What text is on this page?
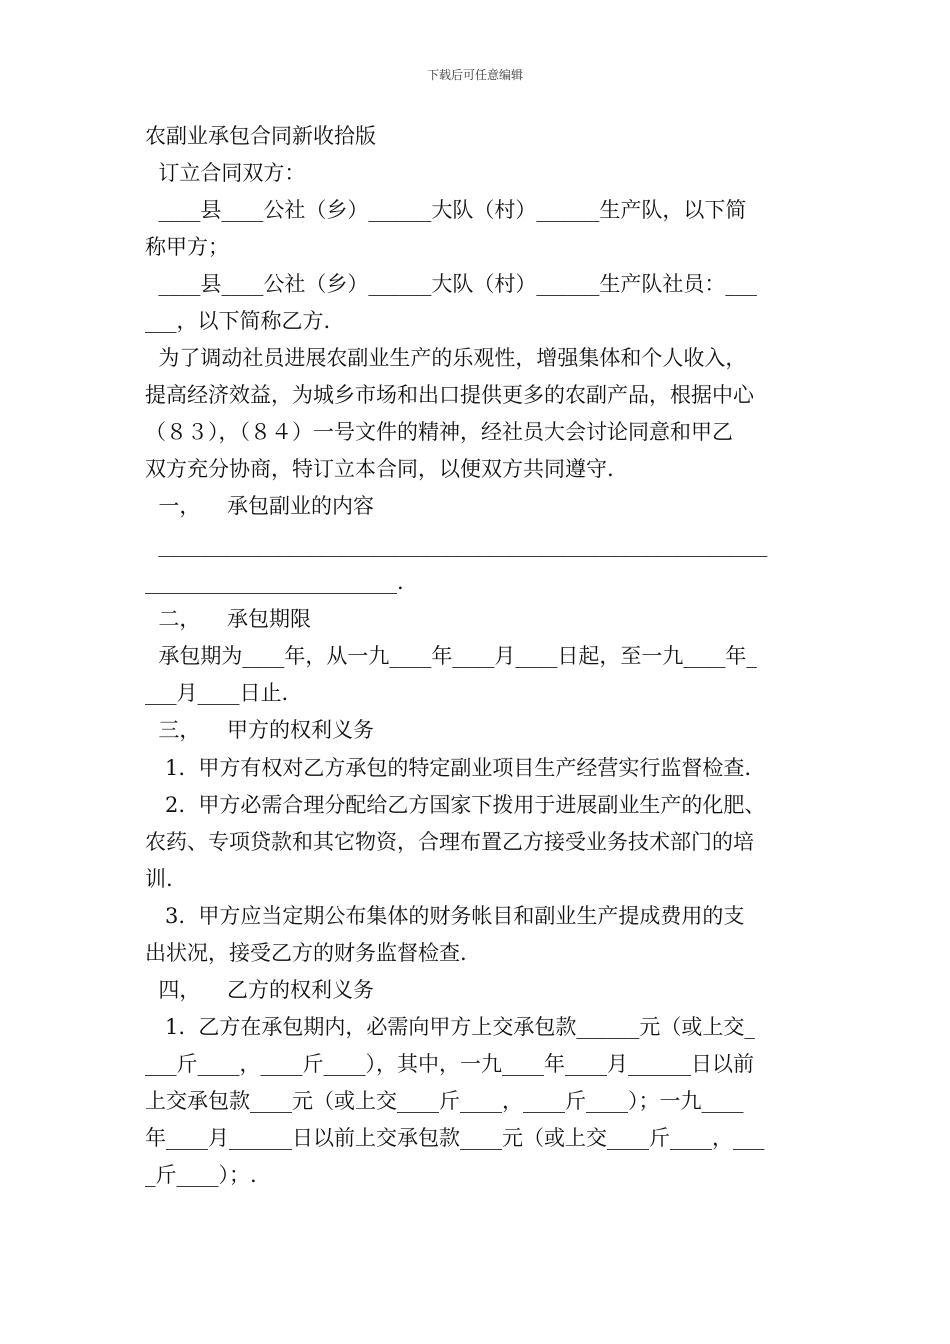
下载后可任意编辑
农副业承包合同新收拾版
订立合同双方：
____县____公社（乡）______大队（村）______生产队，以下简
称甲方；
____县____公社（乡）______大队（村）______生产队社员：___
___，以下简称乙方.
为了调动社员进展农副业生产的乐观性，增强集体和个人收入，
提高经济效益，为城乡市场和出口提供更多的农副产品，根据中心
（８３），（８４）一号文件的精神，经社员大会讨论同意和甲乙
双方充分协商，特订立本合同，以便双方共同遵守.
一，    承包副业的内容
__________________________________________________________
________________________.
二，    承包期限
承包期为____年，从一九____年____月____日起，至一九____年_
___月____日止.
三，    甲方的权利义务
1.  甲方有权对乙方承包的特定副业项目生产经营实行监督检查.
2.  甲方必需合理分配给乙方国家下拨用于进展副业生产的化肥、
农药、专项贷款和其它物资，合理布置乙方接受业务技术部门的培
训.
3.  甲方应当定期公布集体的财务帐目和副业生产提成费用的支
出状况，接受乙方的财务监督检查.
四，    乙方的权利义务
1.  乙方在承包期内，必需向甲方上交承包款______元（或上交_
___斤____，____斤____），其中，一九____年____月______日以前
上交承包款____元（或上交____斤____，____斤____）；一九____
年____月______日以前上交承包款____元（或上交____斤____，___
_斤____）；.
